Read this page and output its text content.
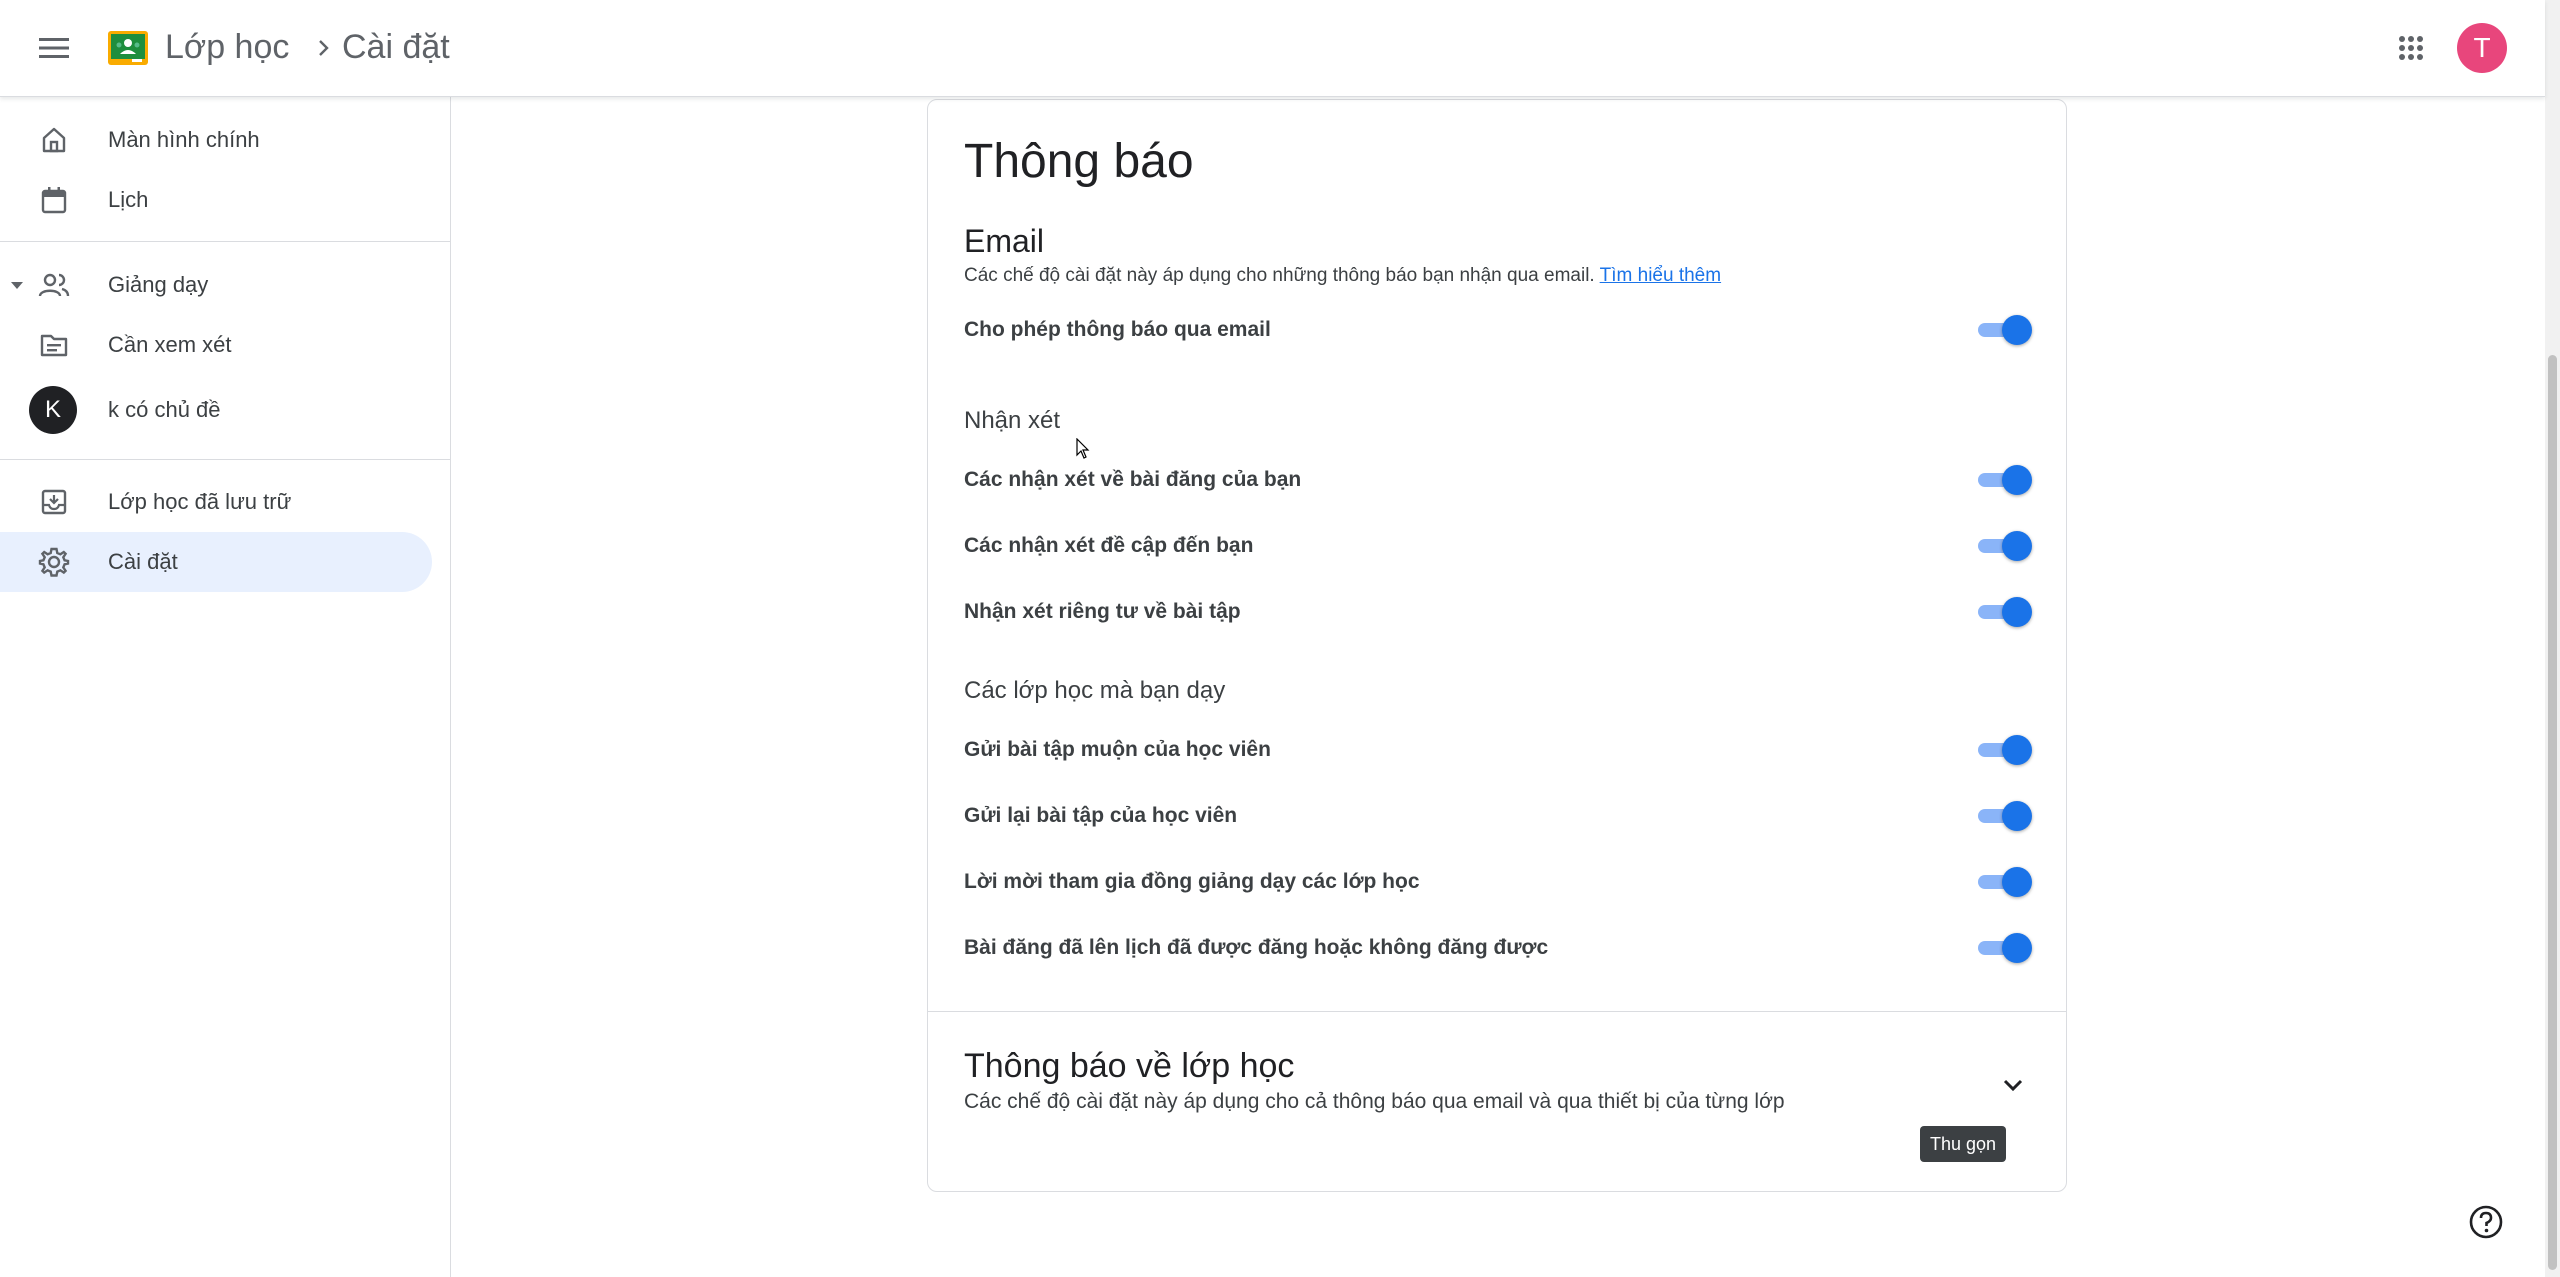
Lớp học Cài đặt	T
Màn hình chính
Lịch
Giảng dạy
Cần xem xét
K	k có chủ đề
Lớp học đã lưu trữ
Cài đặt
Thông báo
Email
Các chế độ cài đặt này áp dụng cho những thông báo bạn nhận qua email. Tìm hiểu thêm
Cho phép thông báo qua email
Nhận xét
Các nhận xét về bài đăng của bạn
Các nhận xét đề cập đến bạn
Nhận xét riêng tư về bài tập
Các lớp học mà bạn dạy
Gửi bài tập muộn của học viên
Gửi lại bài tập của học viên
Lời mời tham gia đồng giảng dạy các lớp học
Bài đăng đã lên lịch đã được đăng hoặc không đăng được
Thông báo về lớp học
Các chế độ cài đặt này áp dụng cho cả thông báo qua email và qua thiết bị của từng lớp
Thu gọn
